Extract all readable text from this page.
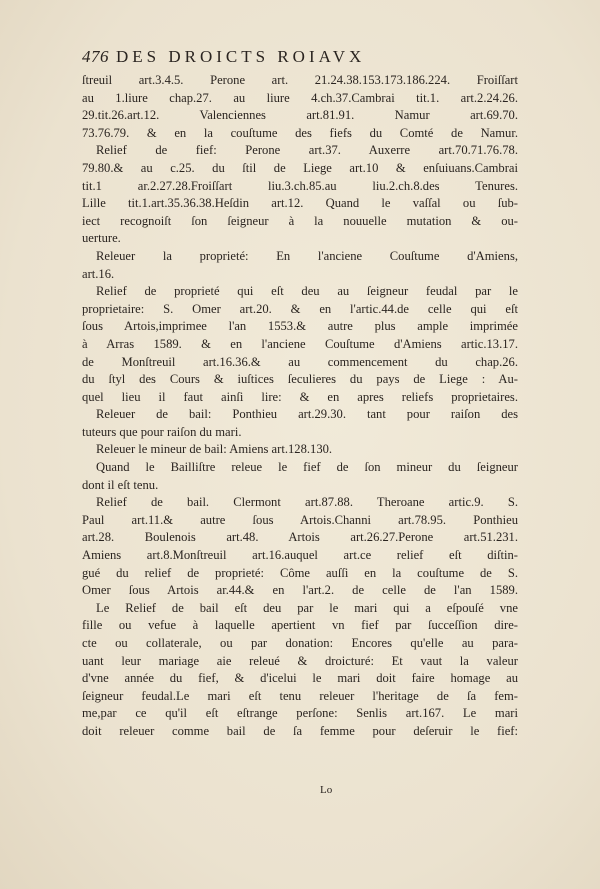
476 DES DROICTS ROIAVX
ſtreuil art.3.4.5. Perone art. 21.24.38.153.173.186.224. Froiſſart
au 1.liure chap.27. au liure 4.ch.37.Cambrai tit.1. art.2.24.26.
29.tit.26.art.12. Valenciennes art.81.91. Namur art.69.70.
73.76.79. & en la couſtume des fiefs du Comté de Namur.
Relief de fief: Perone art.37. Auxerre art.70.71.76.78.
79.80.& au c.25. du ſtil de Liege art.10 & enſuiuans.Cambrai
tit.1 ar.2.27.28.Froiſſart liu.3.ch.85.au liu.2.ch.8.des Tenures.
Lille tit.1.art.35.36.38.Heſdin art.12. Quand le vaſſal ou ſub-
iect recognoiſt ſon ſeigneur à la nouuelle mutation & ou-
uerture.
Releuer la proprieté: En l'anciene Couſtume d'Amiens,
art.16.
Relief de proprieté qui eſt deu au ſeigneur feudal par le
proprietaire: S. Omer art.20. & en l'artic.44.de celle qui eſt
ſous Artois,imprimee l'an 1553.& autre plus ample imprimée
à Arras 1589. & en l'anciene Couſtume d'Amiens artic.13.17.
de Monſtreuil art.16.36.& au commencement du chap.26.
du ſtyl des Cours & iuſtices ſeculieres du pays de Liege : Au-
quel lieu il faut ainſi lire: & en apres reliefs proprietaires.
Releuer de bail: Ponthieu art.29.30. tant pour raiſon des
tuteurs que pour raiſon du mari.
Releuer le mineur de bail: Amiens art.128.130.
Quand le Bailliſtre releue le fief de ſon mineur du ſeigneur
dont il eſt tenu.
Relief de bail. Clermont art.87.88. Theroane artic.9. S.
Paul art.11.& autre ſous Artois.Channi art.78.95. Ponthieu
art.28. Boulenois art.48. Artois art.26.27.Perone art.51.231.
Amiens art.8.Monſtreuil art.16.auquel art.ce relief eſt diſtin-
gué du relief de proprieté: Côme auſſi en la couſtume de S.
Omer ſous Artois ar.44.& en l'art.2. de celle de l'an 1589.
Le Relief de bail eſt deu par le mari qui a eſpouſé vne
fille ou vefue à laquelle apertient vn fief par ſucceſſion dire-
cte ou collaterale, ou par donation: Encores qu'elle au para-
uant leur mariage aie releué & droicturé: Et vaut la valeur
d'vne année du fief, & d'icelui le mari doit faire homage au
ſeigneur feudal.Le mari eſt tenu releuer l'heritage de ſa fem-
me,par ce qu'il eſt eſtrange perſone: Senlis art.167. Le mari
doit releuer comme bail de ſa femme pour deſeruir le fief:
Lo
